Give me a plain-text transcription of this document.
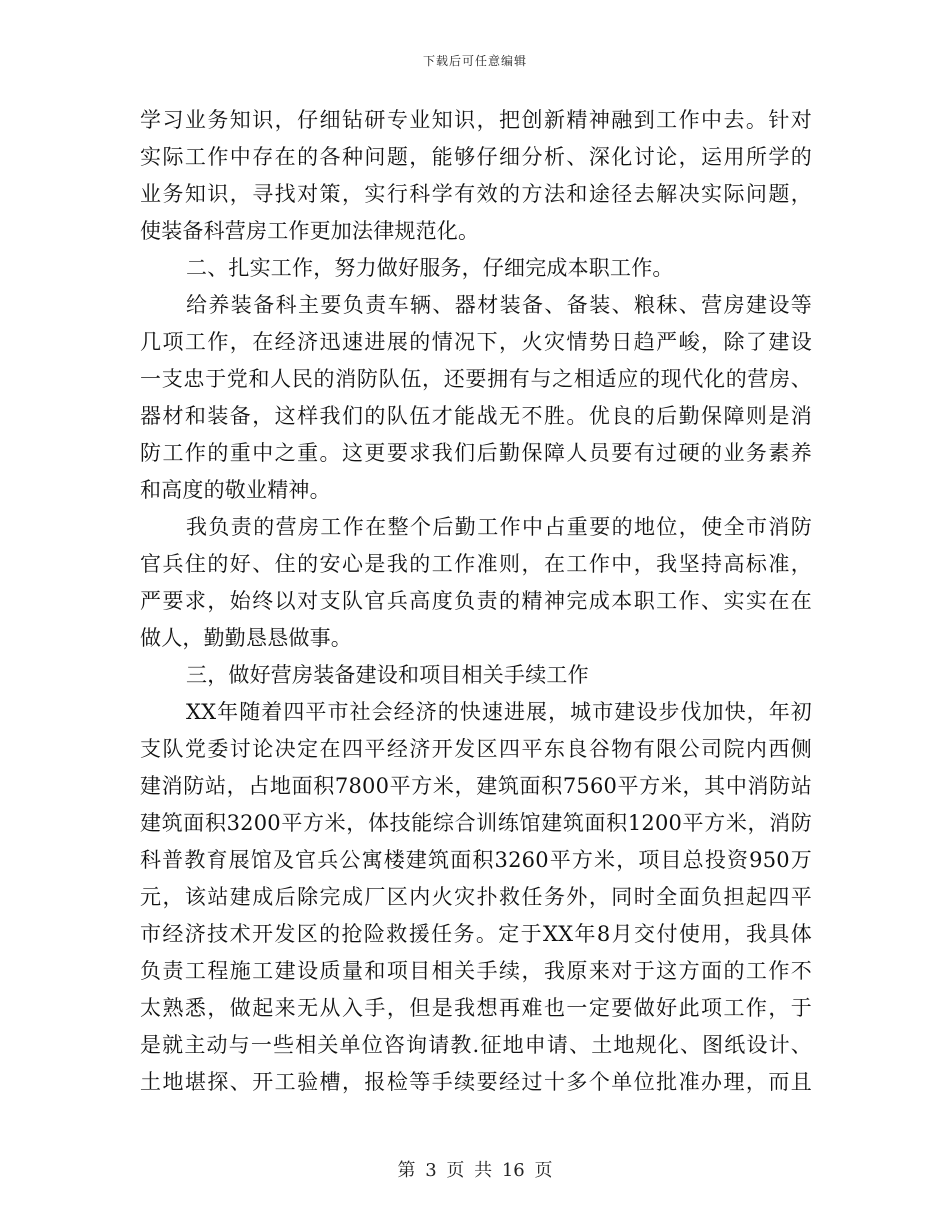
下载后可任意编辑
学习业务知识，仔细钻研专业知识，把创新精神融到工作中去。针对
实际工作中存在的各种问题，能够仔细分析、深化讨论，运用所学的
业务知识，寻找对策，实行科学有效的方法和途径去解决实际问题，
使装备科营房工作更加法律规范化。
二、扎实工作，努力做好服务，仔细完成本职工作。
给养装备科主要负责车辆、器材装备、备装、粮秣、营房建设等
几项工作，在经济迅速进展的情况下，火灾情势日趋严峻，除了建设
一支忠于党和人民的消防队伍，还要拥有与之相适应的现代化的营房、
器材和装备，这样我们的队伍才能战无不胜。优良的后勤保障则是消
防工作的重中之重。这更要求我们后勤保障人员要有过硬的业务素养
和高度的敬业精神。
我负责的营房工作在整个后勤工作中占重要的地位，使全市消防
官兵住的好、住的安心是我的工作准则，在工作中，我坚持高标准，
严要求，始终以对支队官兵高度负责的精神完成本职工作、实实在在
做人，勤勤恳恳做事。
三，做好营房装备建设和项目相关手续工作
XX年随着四平市社会经济的快速进展，城市建设步伐加快，年初
支队党委讨论决定在四平经济开发区四平东良谷物有限公司院内西侧
建消防站，占地面积7800平方米，建筑面积7560平方米，其中消防站
建筑面积3200平方米，体技能综合训练馆建筑面积1200平方米，消防
科普教育展馆及官兵公寓楼建筑面积3260平方米，项目总投资950万
元，该站建成后除完成厂区内火灾扑救任务外，同时全面负担起四平
市经济技术开发区的抢险救援任务。定于XX年8月交付使用，我具体
负责工程施工建设质量和项目相关手续，我原来对于这方面的工作不
太熟悉，做起来无从入手，但是我想再难也一定要做好此项工作，于
是就主动与一些相关单位咨询请教.征地申请、土地规化、图纸设计、
土地堪探、开工验槽，报检等手续要经过十多个单位批准办理，而且
第 3 页 共 16 页
